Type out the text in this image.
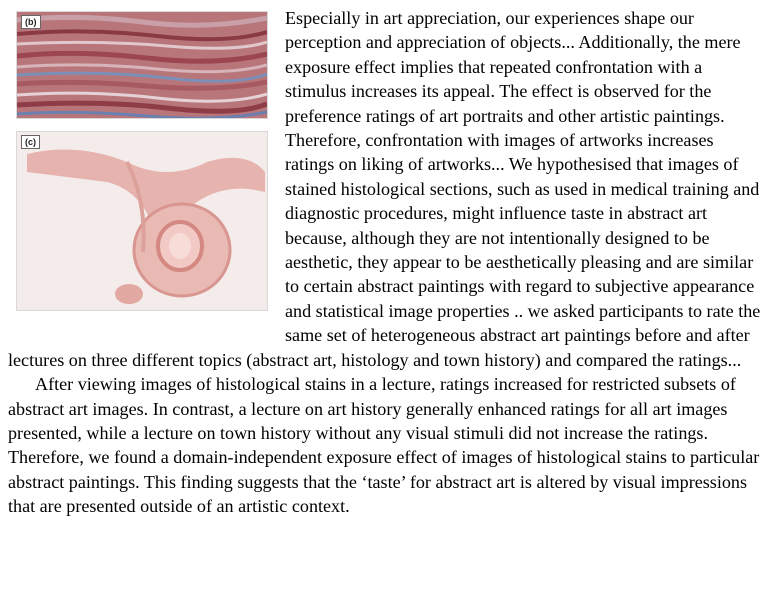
(b)
(c)

Especially in art appreciation, our experiences shape our perception and appreciation of objects... Additionally, the mere exposure effect implies that repeated confrontation with a stimulus increases its appeal. The effect is observed for the preference ratings of art portraits and other artistic paintings. Therefore, confrontation with images of artworks increases ratings on liking of artworks... We hypothesised that images of stained histological sections, such as used in medical training and diagnostic procedures, might influence taste in abstract art because, although they are not intentionally designed to be aesthetic, they appear to be aesthetically pleasing and are similar to certain abstract paintings with regard to subjective appearance and statistical image properties .. we asked participants to rate the same set of heterogeneous abstract art paintings before and after lectures on three different topics (abstract art, histology and town history) and compared the ratings...

After viewing images of histological stains in a lecture, ratings increased for restricted subsets of abstract art images. In contrast, a lecture on art history generally enhanced ratings for all art images presented, while a lecture on town history without any visual stimuli did not increase the ratings. Therefore, we found a domain-independent exposure effect of images of histological stains to particular abstract paintings. This finding suggests that the ‘taste’ for abstract art is altered by visual impressions that are presented outside of an artistic context.
